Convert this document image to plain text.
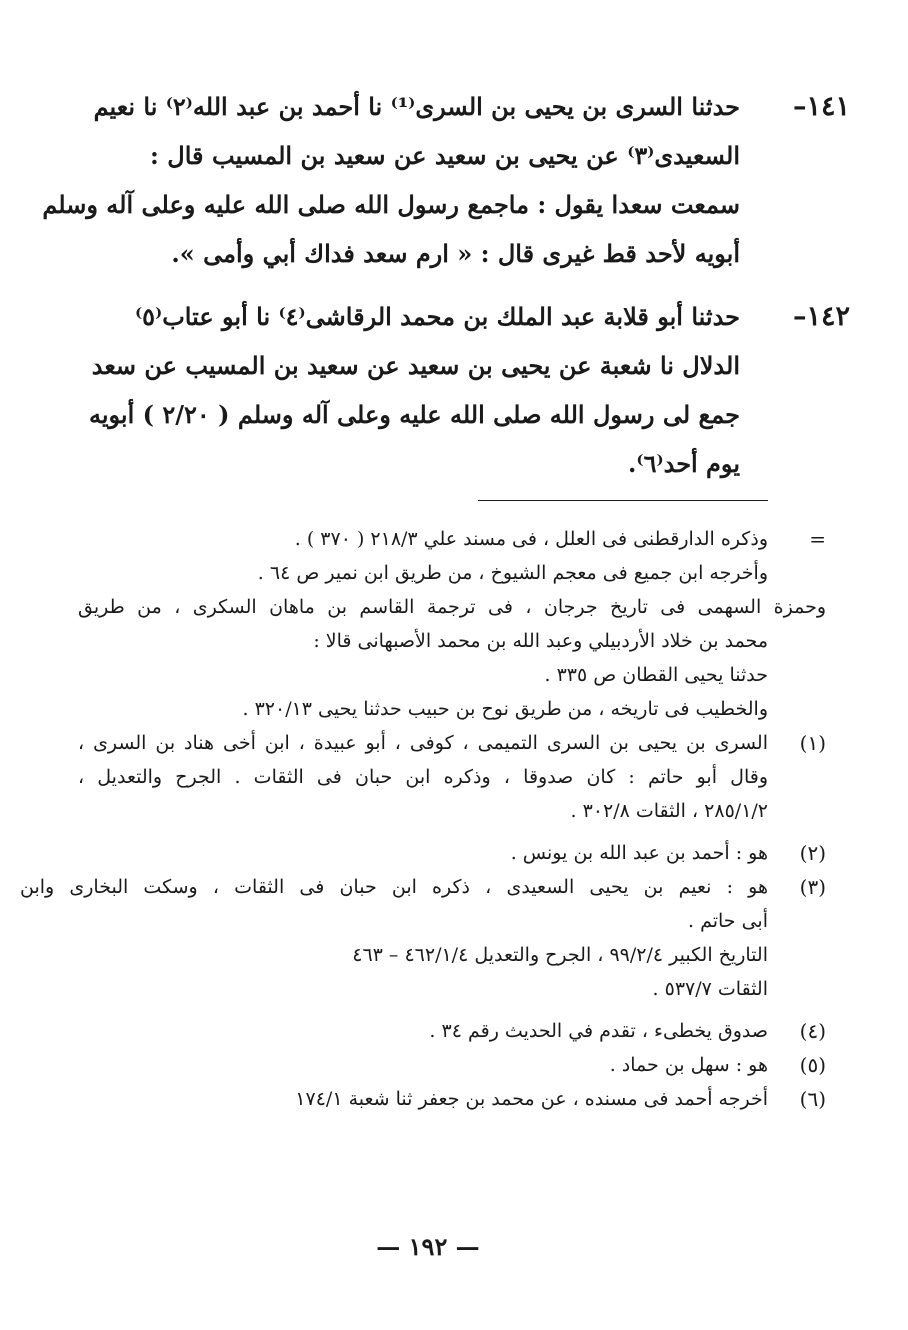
١٤١–
حدثنا السرى بن يحيى بن السرى⁽¹⁾ نا أحمد بن عبد الله⁽٢⁾ نا نعيم
السعيدى⁽٣⁾ عن يحيى بن سعيد عن سعيد بن المسيب قال :
سمعت سعدا يقول : ماجمع رسول الله صلى الله عليه وعلى آله وسلم
أبويه لأحد قط غيرى قال : « ارم سعد فداك أبي وأمى ».
١٤٢–
حدثنا أبو قلابة عبد الملك بن محمد الرقاشى⁽٤⁾ نا أبو عتاب⁽٥⁾
الدلال نا شعبة عن يحيى بن سعيد عن سعيد بن المسيب عن سعد
جمع لى رسول الله صلى الله عليه وعلى آله وسلم ( ٢/٢٠ ) أبويه
يوم أحد⁽٦⁾.
=
وذكره الدارقطنى فى العلل ، فى مسند علي ٢١٨/٣ ( ٣٧٠ ) .
وأخرجه ابن جميع فى معجم الشيوخ ، من طريق ابن نمير ص ٦٤ .
وحمزة السهمى فى تاريخ جرجان ، فى ترجمة القاسم بن ماهان السكرى ، من طريق
محمد بن خلاد الأردبيلي وعبد الله بن محمد الأصبهانى قالا :
حدثنا يحيى القطان ص ٣٣٥ .
والخطيب فى تاريخه ، من طريق نوح بن حبيب حدثنا يحيى ٣٢٠/١٣ .
(١)
السرى بن يحيى بن السرى التميمى ، كوفى ، أبو عبيدة ، ابن أخى هناد بن السرى ،
وقال أبو حاتم : كان صدوقا ، وذكره ابن حبان فى الثقات . الجرح والتعديل ،
٢٨٥/١/٢ ، الثقات ٣٠٢/٨ .
(٢)
هو : أحمد بن عبد الله بن يونس .
(٣)
هو : نعيم بن يحيى السعيدى ، ذكره ابن حبان فى الثقات ، وسكت البخارى وابن
أبى حاتم .
التاريخ الكبير ٩٩/٢/٤ ، الجرح والتعديل ٤٦٢/١/٤ – ٤٦٣
الثقات ٥٣٧/٧ .
(٤)
صدوق يخطىء ، تقدم في الحديث رقم ٣٤ .
(٥)
هو : سهل بن حماد .
(٦)
أخرجه أحمد فى مسنده ، عن محمد بن جعفر ثنا شعبة ١٧٤/١
— ١٩٢ —
